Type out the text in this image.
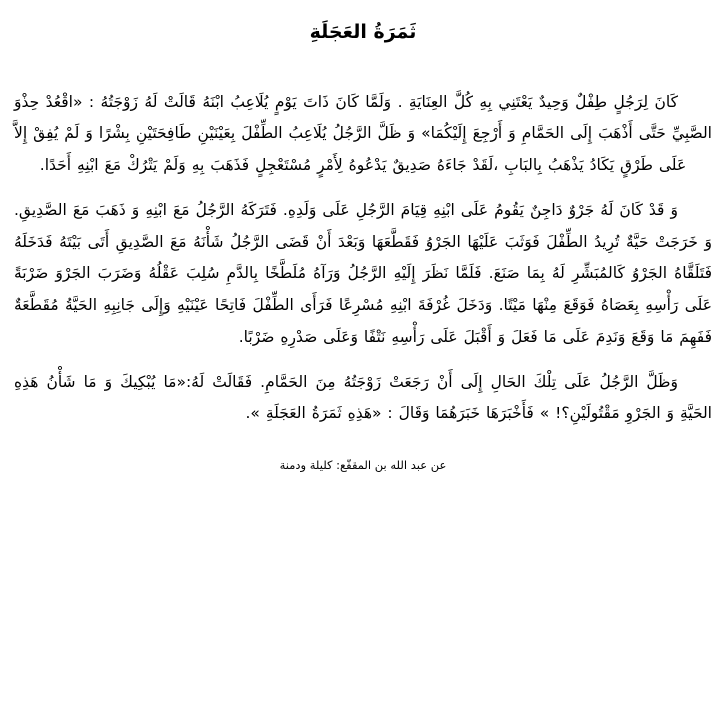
ثَمَرَةُ العَجَلَةِ

كَانَ لِرَجُلٍ طِفْلٌ وَحِيدٌ يَعْتَنِي بِهِ كُلَّ العِنَايَةِ . وَلَمَّا كَانَ ذَاتَ يَوْمٍ يُلَاعِبُ ابْنَهُ قَالَتْ لَهُ زَوْجَتُهُ : «اقْعُدْ حِذْوَ الصَّبِيِّ حَتَّى أَذْهَبَ إِلَى الحَمَّامِ وَ أَرْجِعَ إِلَيْكُمَا» وَ ظَلَّ الرَّجُلُ يُلَاعِبُ الطِّفْلَ بِعَيْنَيْنِ طَافِحَتَيْنِ بِشْرًا وَ لَمْ يُفِقْ إِلاَّ عَلَى طَرْقٍ يَكَادُ يَذْهَبُ بِالبَابِ ،لَقَدْ جَاءَهُ صَدِيقٌ يَدْعُوهُ لِأَمْرٍ مُسْتَعْجِلٍ فَذَهَبَ بِهِ وَلَمْ يَتْرُكْ مَعَ ابْنِهِ أَحَدًا.

وَ قَدْ كَانَ لَهُ جَرْوٌ دَاجِنٌ يَقُومُ عَلَى ابْنِهِ قِيَامَ الرَّجُلِ عَلَى وَلَدِهِ. فَتَرَكَهُ الرَّجُلُ مَعَ ابْنِهِ وَ ذَهَبَ مَعَ الصَّدِيقِ. وَ خَرَجَتْ حَيَّةٌ تُرِيدُ الطِّفْلَ فَوَثَبَ عَلَيْهَا الجَرْوُ فَقَطَّعَهَا وَبَعْدَ أَنْ قَضَى الرَّجُلُ شَأْنَهُ مَعَ الصَّدِيقِ أَتَى بَيْتَهُ فَدَخَلَهُ فَتَلَقَّاهُ الجَرْوُ كَالمُبَشِّرِ لَهُ بِمَا صَنَعَ. فَلَمَّا نَظَرَ إِلَيْهِ الرَّجُلُ وَرَآهُ مُلَطَّخًا بِالدَّمِ سُلِبَ عَقْلُهُ وَضَرَبَ الجَرْوَ ضَرْبَةً عَلَى رَأْسِهِ بِعَصَاهُ فَوَقَعَ مِنْهَا مَيْتًا. وَدَخَلَ غُرْفَةَ ابْنِهِ مُسْرِعًا فَرَأَى الطِّفْلَ فَاتِحًا عَيْنَيْهِ وَإِلَى جَانِبِهِ الحَيَّةُ مُقَطَّعَةٌ فَفَهِمَ مَا وَقَعَ وَنَدِمَ عَلَى مَا فَعَلَ وَ أَقْبَلَ عَلَى رَأْسِهِ نَتْفًا وَعَلَى صَدْرِهِ ضَرْبًا.

وَظَلَّ الرَّجُلُ عَلَى تِلْكَ الحَالِ إِلَى أَنْ رَجَعَتْ زَوْجَتُهُ مِنَ الحَمَّامِ. فَقَالَتْ لَهُ:«مَا يُبْكِيكَ وَ مَا شَأْنُ هَذِهِ الحَيَّةِ وَ الجَرْوِ مَقْتُولَيْنِ؟! » فَأَخْبَرَهَا خَبَرَهُمَا وَقَالَ : «هَذِهِ ثَمَرَةُ العَجَلَةِ ».

عن عبد الله بن المقفّع: كليلة ودمنة
